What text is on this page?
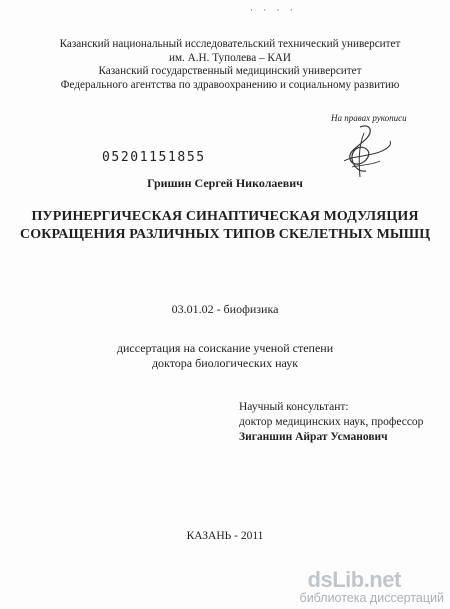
· · · ·
Казанский национальный исследовательский технический университет
им. А.Н. Туполева – КАИ
Казанский государственный медицинский университет
Федерального агентства по здравоохранению и социальному развитию
На правах рукописи
05201151855
Гришин Сергей Николаевич
ПУРИНЕРГИЧЕСКАЯ СИНАПТИЧЕСКАЯ МОДУЛЯЦИЯ
СОКРАЩЕНИЯ РАЗЛИЧНЫХ ТИПОВ СКЕЛЕТНЫХ МЫШЦ
03.01.02 - биофизика
диссертация на соискание ученой степени
доктора биологических наук
Научный консультант:
доктор медицинских наук, профессор
Зиганшин Айрат Усманович
КАЗАНЬ - 2011
dsLib.net
библиотека диссертаций
